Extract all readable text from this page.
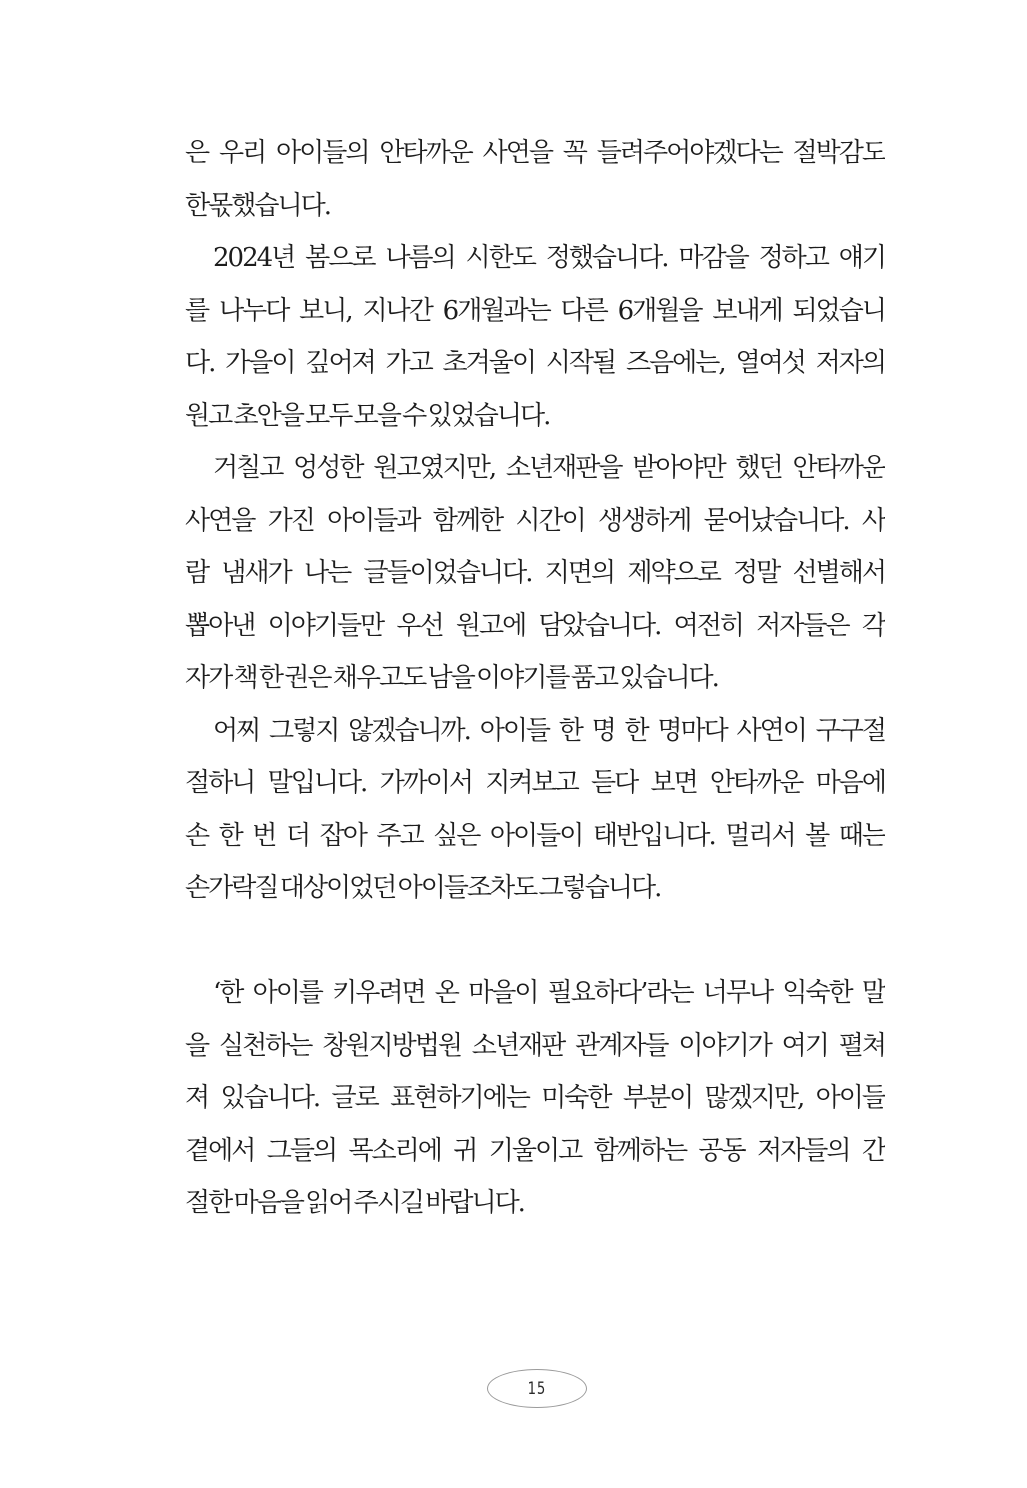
은 우리 아이들의 안타까운 사연을 꼭 들려주어야겠다는 절박감도
한몫했습니다.
2024년 봄으로 나름의 시한도 정했습니다. 마감을 정하고 얘기
를 나누다 보니, 지나간 6개월과는 다른 6개월을 보내게 되었습니
다. 가을이 깊어져 가고 초겨울이 시작될 즈음에는, 열여섯 저자의
원고 초안을 모두 모을 수 있었습니다.
거칠고 엉성한 원고였지만, 소년재판을 받아야만 했던 안타까운
사연을 가진 아이들과 함께한 시간이 생생하게 묻어났습니다. 사
람 냄새가 나는 글들이었습니다. 지면의 제약으로 정말 선별해서
뽑아낸 이야기들만 우선 원고에 담았습니다. 여전히 저자들은 각
자가 책 한 권은 채우고도 남을 이야기를 품고 있습니다.
어찌 그렇지 않겠습니까. 아이들 한 명 한 명마다 사연이 구구절
절하니 말입니다. 가까이서 지켜보고 듣다 보면 안타까운 마음에
손 한 번 더 잡아 주고 싶은 아이들이 태반입니다. 멀리서 볼 때는
손가락질 대상이었던 아이들조차도 그렇습니다.
‘한 아이를 키우려면 온 마을이 필요하다’라는 너무나 익숙한 말
을 실천하는 창원지방법원 소년재판 관계자들 이야기가 여기 펼쳐
져 있습니다. 글로 표현하기에는 미숙한 부분이 많겠지만, 아이들
곁에서 그들의 목소리에 귀 기울이고 함께하는 공동 저자들의 간
절한 마음을 읽어 주시길 바랍니다.
15
